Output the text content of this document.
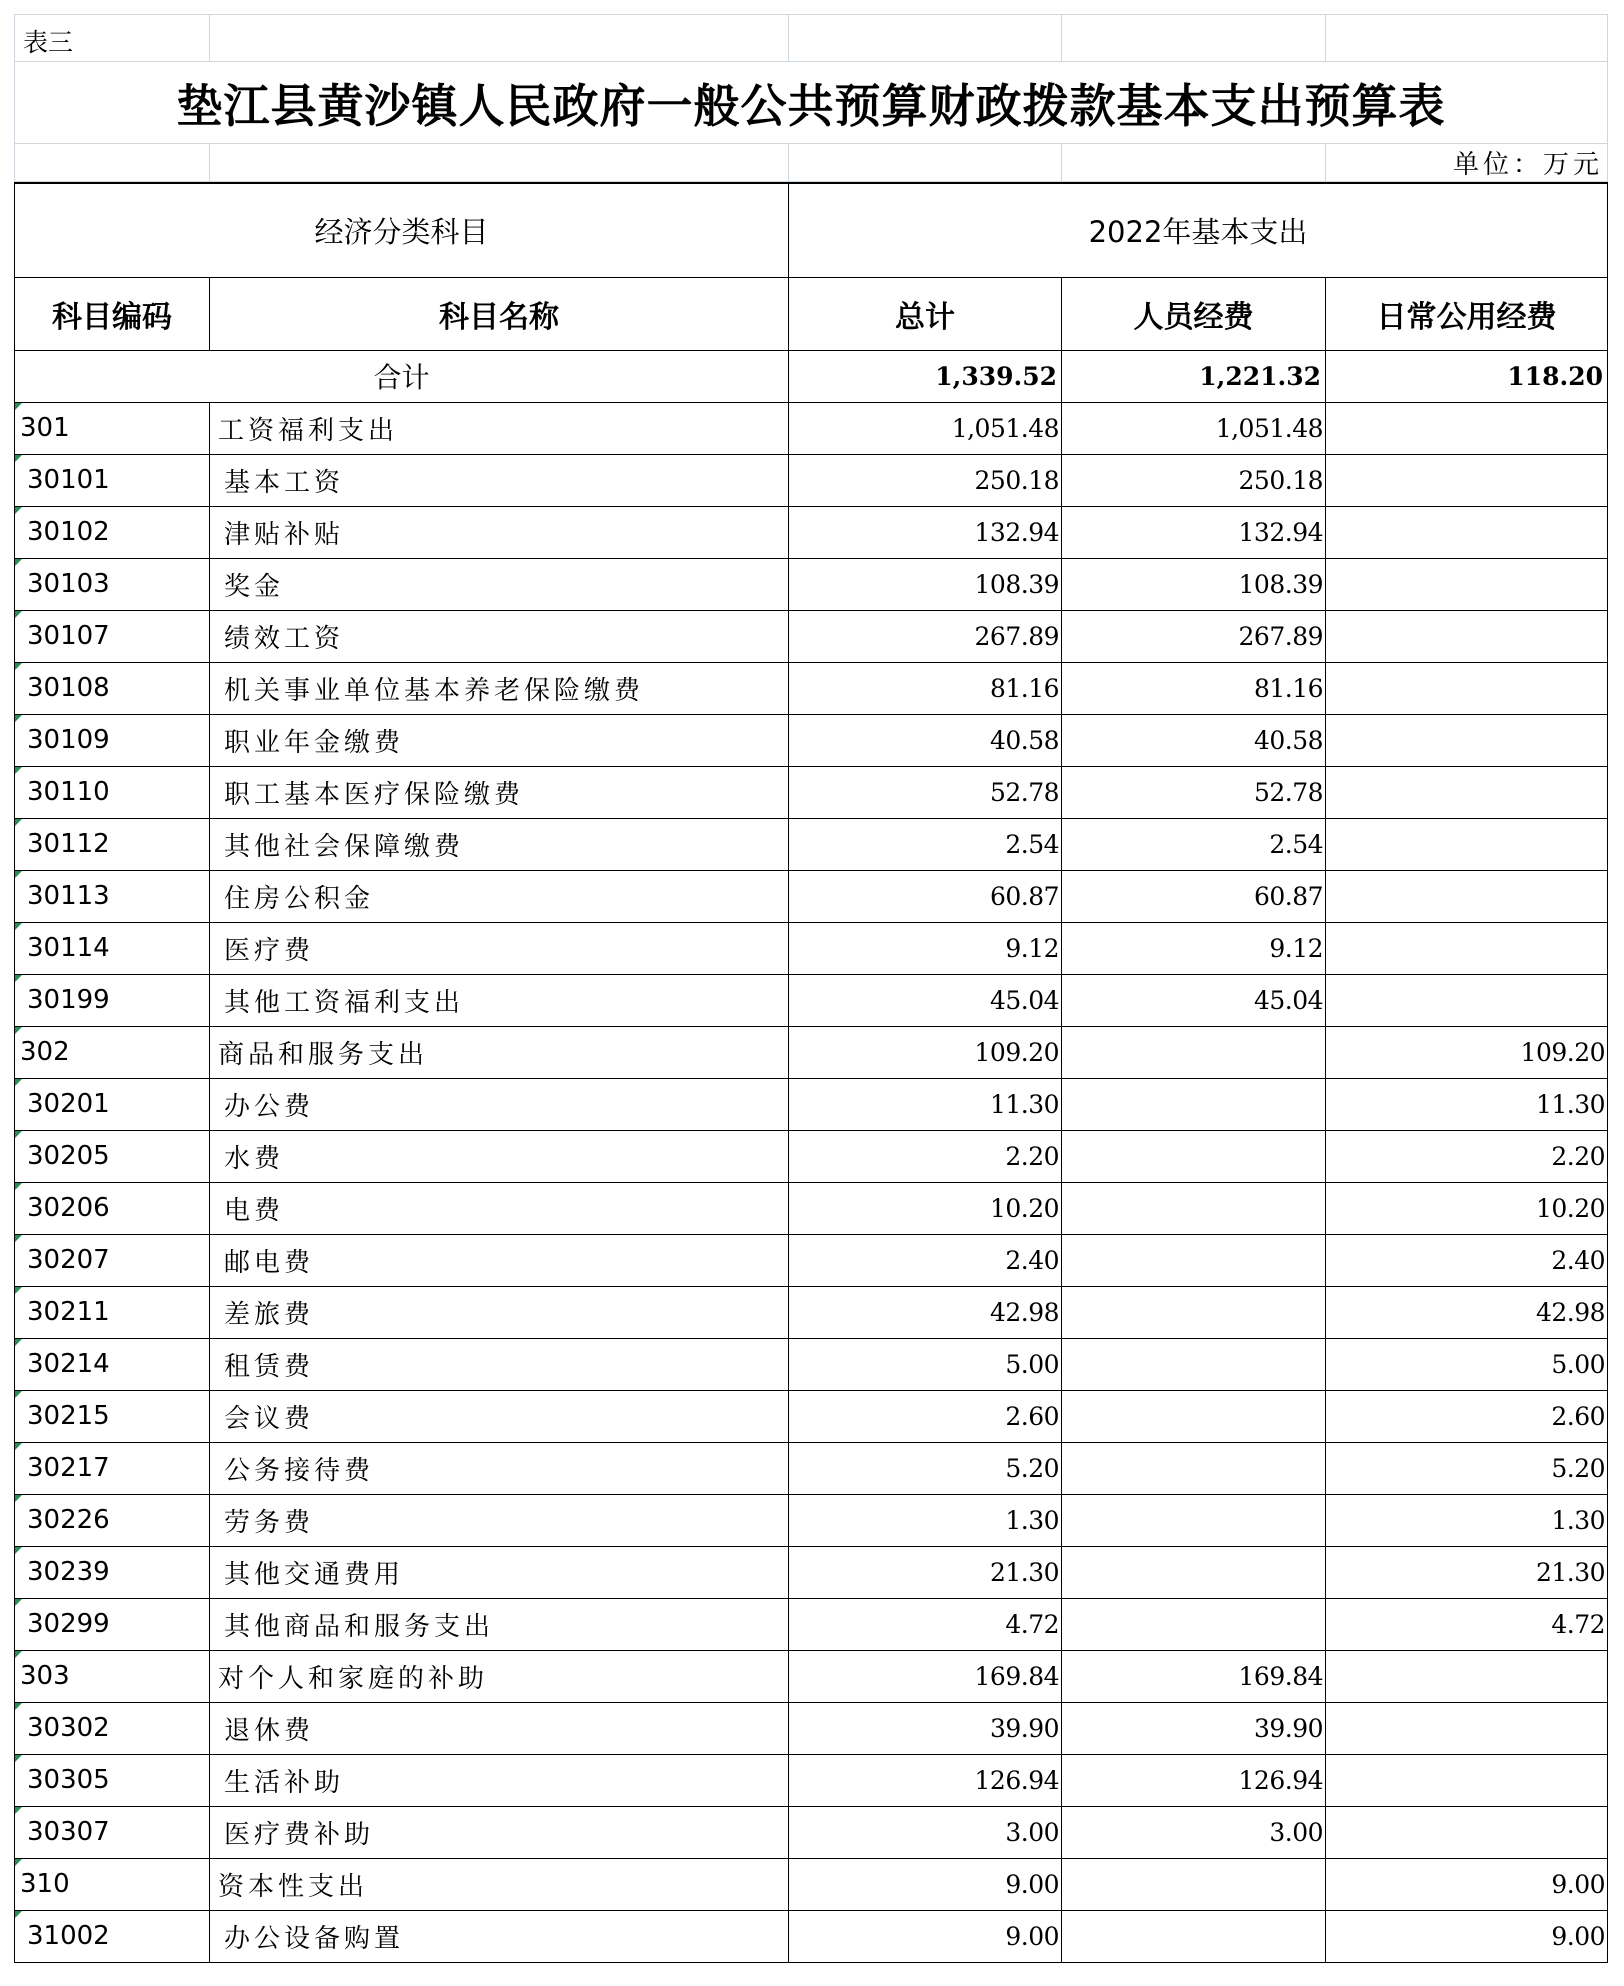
表三				
垫江县黄沙镇人民政府一般公共预算财政拨款基本支出预算表				
				单位：万元
经济分类科目		2022年基本支出		
科目编码	科目名称	总计	人员经费	日常公用经费
合计		1,339.52	1,221.32	118.20

301	工资福利支出	1,051.48	1,051.48	

30101	基本工资	250.18	250.18	

30102	津贴补贴	132.94	132.94	

30103	奖金	108.39	108.39	

30107	绩效工资	267.89	267.89	

30108	机关事业单位基本养老保险缴费	81.16	81.16	

30109	职业年金缴费	40.58	40.58	

30110	职工基本医疗保险缴费	52.78	52.78	

30112	其他社会保障缴费	2.54	2.54	

30113	住房公积金	60.87	60.87	

30114	医疗费	9.12	9.12	

30199	其他工资福利支出	45.04	45.04	

302	商品和服务支出	109.20		109.20

30201	办公费	11.30		11.30

30205	水费	2.20		2.20

30206	电费	10.20		10.20

30207	邮电费	2.40		2.40

30211	差旅费	42.98		42.98

30214	租赁费	5.00		5.00

30215	会议费	2.60		2.60

30217	公务接待费	5.20		5.20

30226	劳务费	1.30		1.30

30239	其他交通费用	21.30		21.30

30299	其他商品和服务支出	4.72		4.72

303	对个人和家庭的补助	169.84	169.84	

30302	退休费	39.90	39.90	

30305	生活补助	126.94	126.94	

30307	医疗费补助	3.00	3.00	

310	资本性支出	9.00		9.00

31002	办公设备购置	9.00		9.00
